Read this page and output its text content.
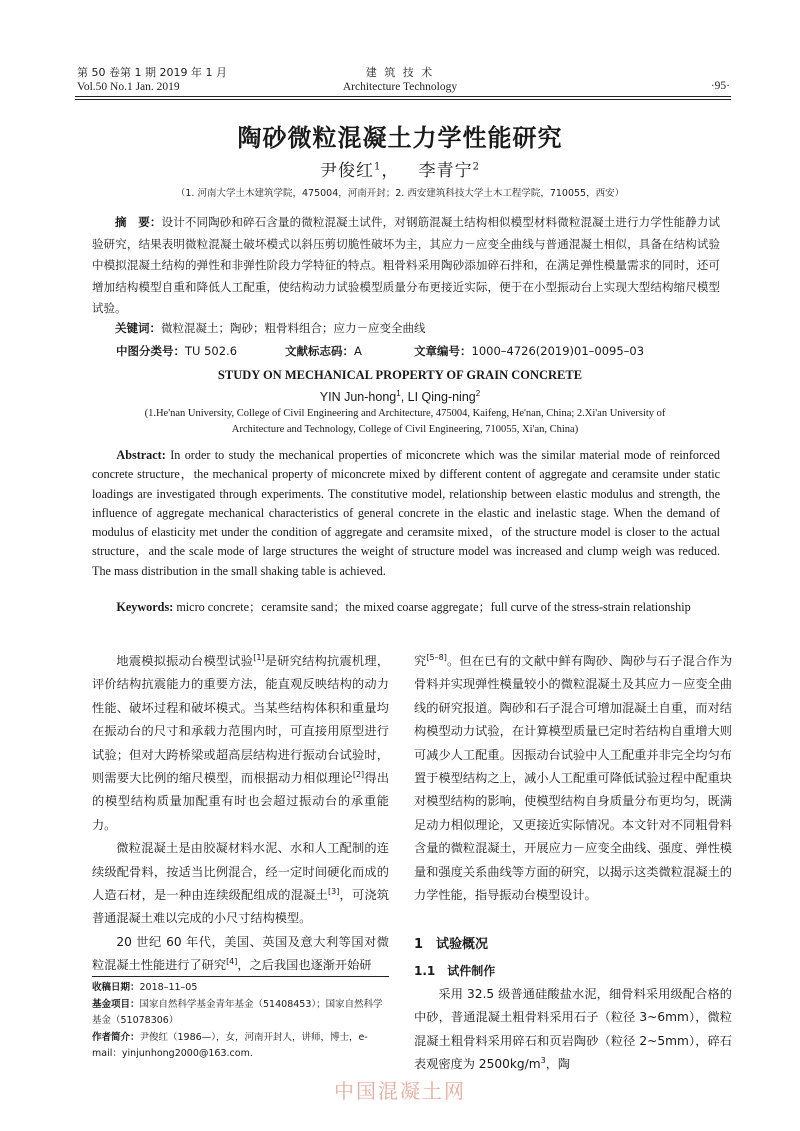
第 50 卷第 1 期 2019 年 1 月
Vol.50 No.1 Jan. 2019
建 筑 技 术
Architecture Technology	·95·
陶砂微粒混凝土力学性能研究
尹俊红$^1$， 李青宁$^2$
（1. 河南大学土木建筑学院，475004，河南开封；2. 西安建筑科技大学土木工程学院，710055，西安）
摘　要：设计不同陶砂和碎石含量的微粒混凝土试件，对钢筋混凝土结构相似模型材料微粒混凝土进行力学性能静力试验研究，结果表明微粒混凝土破坏模式以斜压剪切脆性破坏为主，其应力－应变全曲线与普通混凝土相似，具备在结构试验中模拟混凝土结构的弹性和非弹性阶段力学特征的特点。粗骨料采用陶砂添加碎石拌和，在满足弹性模量需求的同时，还可增加结构模型自重和降低人工配重，使结构动力试验模型质量分布更接近实际，便于在小型振动台上实现大型结构缩尺模型试验。
关键词：微粒混凝土；陶砂；粗骨料组合；应力－应变全曲线
中图分类号：TU 502.6	文献标志码：A	文章编号：1000–4726(2019)01–0095–03
STUDY ON MECHANICAL PROPERTY OF GRAIN CONCRETE
YIN Jun-hong$^1$, LI Qing-ning$^2$
(1.He'nan University, College of Civil Engineering and Architecture, 475004, Kaifeng, He'nan, China; 2.Xi'an University of
Architecture and Technology, College of Civil Engineering, 710055, Xi'an, China)
Abstract: In order to study the mechanical properties of miconcrete which was the similar material mode of reinforced concrete structure，the mechanical property of miconcrete mixed by different content of aggregate and ceramsite under static loadings are investigated through experiments. The constitutive model, relationship between elastic modulus and strength, the influence of aggregate mechanical characteristics of general concrete in the elastic and inelastic stage. When the demand of modulus of elasticity met under the condition of aggregate and ceramsite mixed，of the structure model is closer to the actual structure，and the scale mode of large structures the weight of structure model was increased and clump weigh was reduced. The mass distribution in the small shaking table is achieved.
Keywords: micro concrete；ceramsite sand；the mixed coarse aggregate；full curve of the stress-strain relationship

地震模拟振动台模型试验[1]是研究结构抗震机理，评价结构抗震能力的重要方法，能直观反映结构的动力性能、破坏过程和破坏模式。当某些结构体积和重量均在振动台的尺寸和承载力范围内时，可直接用原型进行试验；但对大跨桥梁或超高层结构进行振动台试验时，则需要大比例的缩尺模型，而根据动力相似理论[2]得出的模型结构质量加配重有时也会超过振动台的承重能力。

微粒混凝土是由胶凝材料水泥、水和人工配制的连续级配骨料，按适当比例混合，经一定时间硬化而成的人造石材，是一种由连续级配组成的混凝土[3]，可浇筑普通混凝土难以完成的小尺寸结构模型。

20 世纪 60 年代，美国、英国及意大利等国对微粒混凝土性能进行了研究[4]，之后我国也逐渐开始研

收稿日期：2018–11–05
基金项目：国家自然科学基金青年基金（51408453）；国家自然科学基金（51078306）
作者简介：尹俊红（1986—），女，河南开封人，讲师，博士，e-mail：yinjunhong2000@163.com.

究[5–8]。但在已有的文献中鲜有陶砂、陶砂与石子混合作为骨料并实现弹性模量较小的微粒混凝土及其应力－应变全曲线的研究报道。陶砂和石子混合可增加混凝土自重，而对结构模型动力试验，在计算模型质量已定时若结构自重增大则可减少人工配重。因振动台试验中人工配重并非完全均匀布置于模型结构之上，减小人工配重可降低试验过程中配重块对模型结构的影响，使模型结构自身质量分布更均匀，既满足动力相似理论，又更接近实际情况。本文针对不同粗骨料含量的微粒混凝土，开展应力－应变全曲线、强度、弹性模量和强度关系曲线等方面的研究，以揭示这类微粒混凝土的力学性能，指导振动台模型设计。

1　试验概况
1.1　试件制作

采用 32.5 级普通硅酸盐水泥，细骨料采用级配合格的中砂，普通混凝土粗骨料采用石子（粒径 3~6mm），微粒混凝土粗骨料采用碎石和页岩陶砂（粒径 2~5mm），碎石表观密度为 $2500kg/m^3$，陶

中国混凝土网
